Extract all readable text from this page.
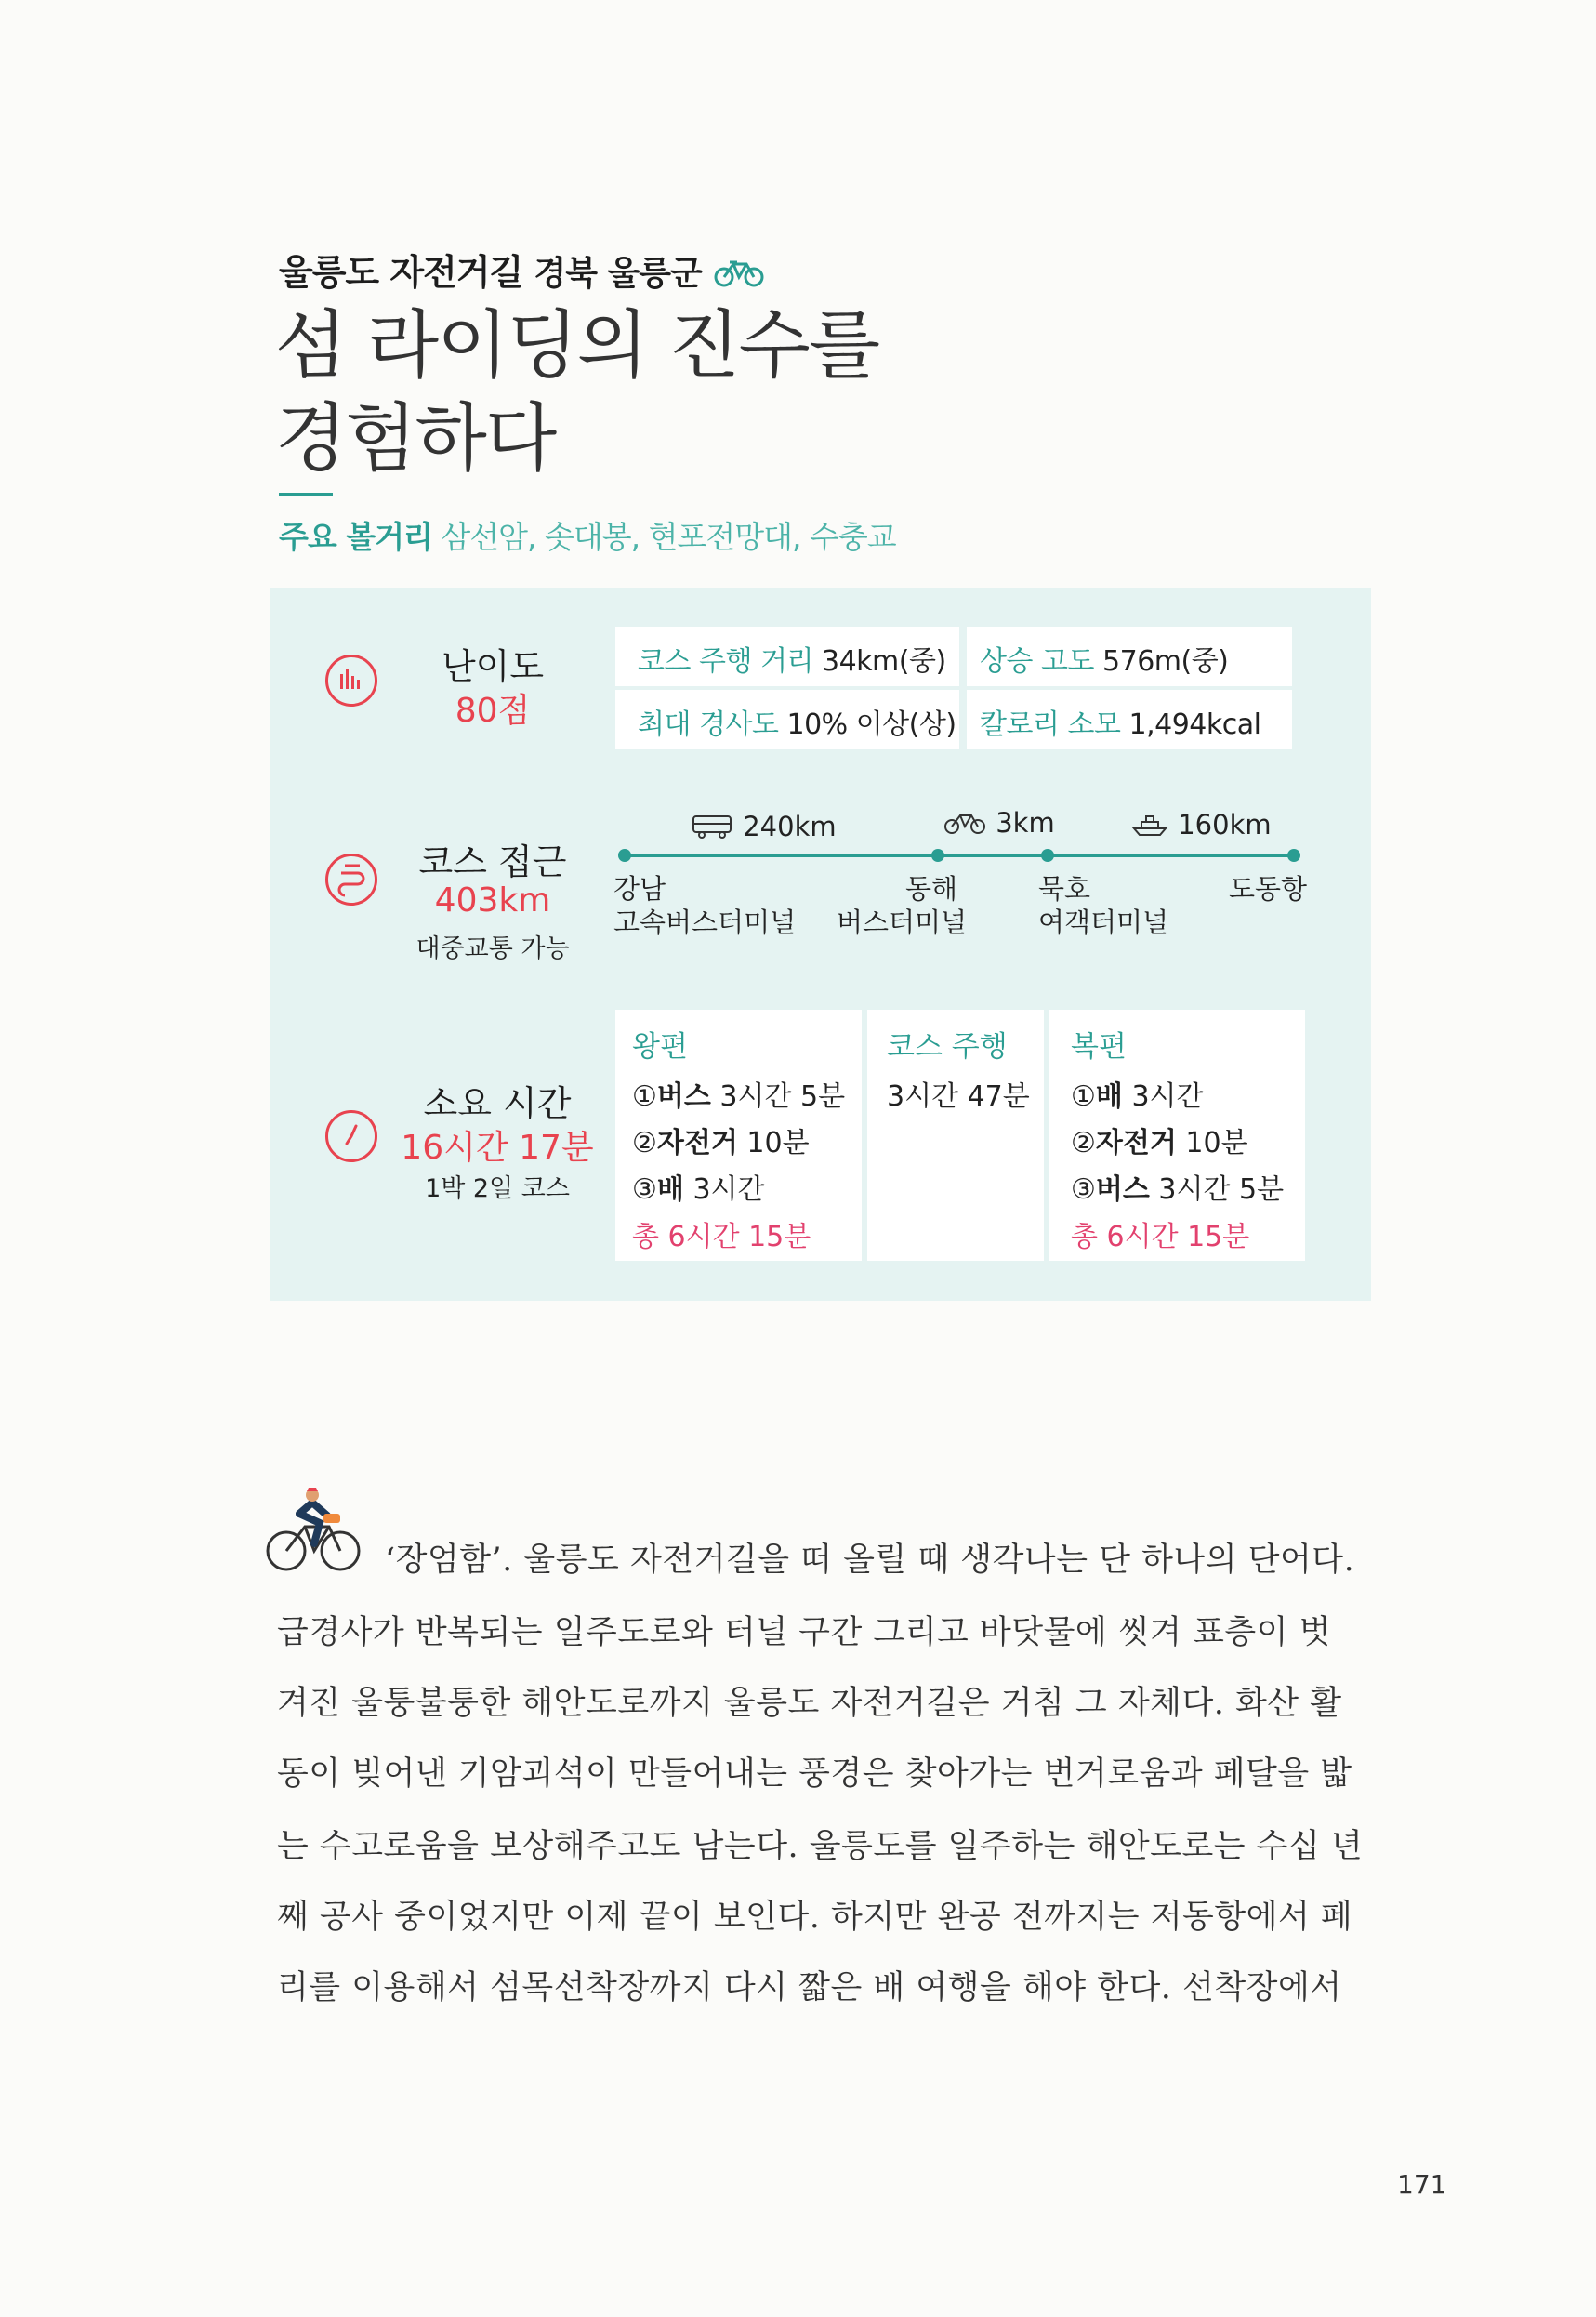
울릉도 자전거길 경북 울릉군
섬 라이딩의 진수를
경험하다
주요 볼거리 삼선암, 솟대봉, 현포전망대, 수충교
난이도
80점
코스 주행 거리 34km(중) 상승 고도 576m(중)
최대 경사도 10% 이상(상) 칼로리 소모 1,494kcal
코스 접근
403km
대중교통 가능
240km	3km	160km
강남
고속버스터미널
동해
버스터미널
묵호
여객터미널
도동항
소요 시간
16시간 17분
1박 2일 코스
왕편
①버스 3시간 5분
②자전거 10분
③배 3시간
총 6시간 15분
코스 주행
3시간 47분
복편
①배 3시간
②자전거 10분
③버스 3시간 5분
총 6시간 15분
‘장엄함’. 울릉도 자전거길을 떠 올릴 때 생각나는 단 하나의 단어다.
급경사가 반복되는 일주도로와 터널 구간 그리고 바닷물에 씻겨 표층이 벗
겨진 울퉁불퉁한 해안도로까지 울릉도 자전거길은 거침 그 자체다. 화산 활
동이 빚어낸 기암괴석이 만들어내는 풍경은 찾아가는 번거로움과 페달을 밟
는 수고로움을 보상해주고도 남는다. 울릉도를 일주하는 해안도로는 수십 년
째 공사 중이었지만 이제 끝이 보인다. 하지만 완공 전까지는 저동항에서 페
리를 이용해서 섬목선착장까지 다시 짧은 배 여행을 해야 한다. 선착장에서
171
